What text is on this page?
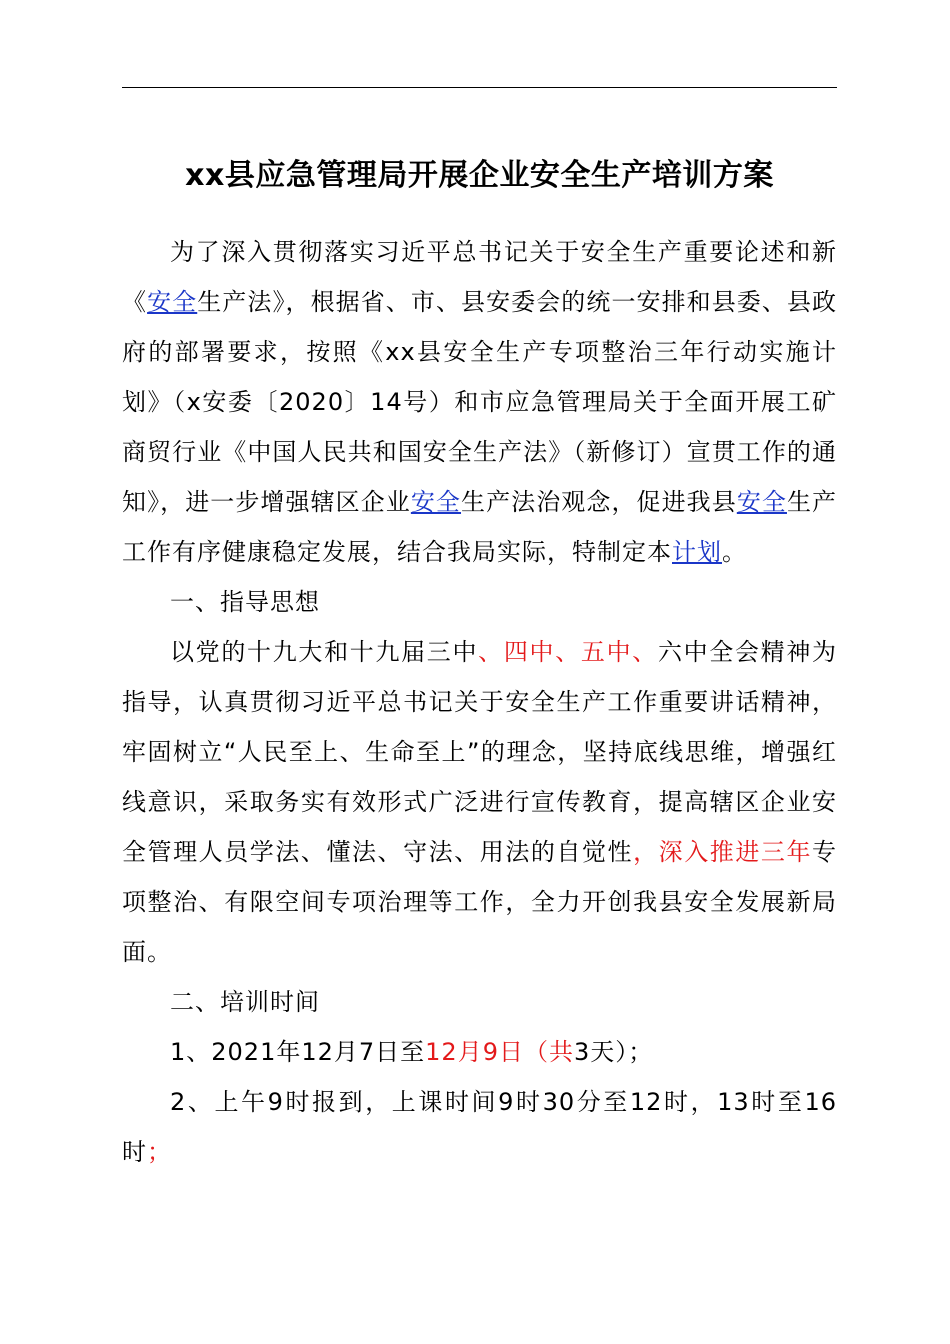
xx县应急管理局开展企业安全生产培训方案

为了深入贯彻落实习近平总书记关于安全生产重要论述和新《安全生产法》，根据省、市、县安委会的统一安排和县委、县政府的部署要求，按照《xx县安全生产专项整治三年行动实施计划》（x安委〔2020〕14号）和市应急管理局关于全面开展工矿商贸行业《中国人民共和国安全生产法》（新修订）宣贯工作的通知》，进一步增强辖区企业安全生产法治观念，促进我县安全生产工作有序健康稳定发展，结合我局实际，特制定本计划。

一、指导思想

以党的十九大和十九届三中、四中、五中、六中全会精神为指导，认真贯彻习近平总书记关于安全生产工作重要讲话精神，牢固树立“人民至上、生命至上”的理念，坚持底线思维，增强红线意识，采取务实有效形式广泛进行宣传教育，提高辖区企业安全管理人员学法、懂法、守法、用法的自觉性，深入推进三年专项整治、有限空间专项治理等工作，全力开创我县安全发展新局面。

二、培训时间

1、2021年12月7日至12月9日（共3天）；

2、上午9时报到，上课时间9时30分至12时，13时至16时；
